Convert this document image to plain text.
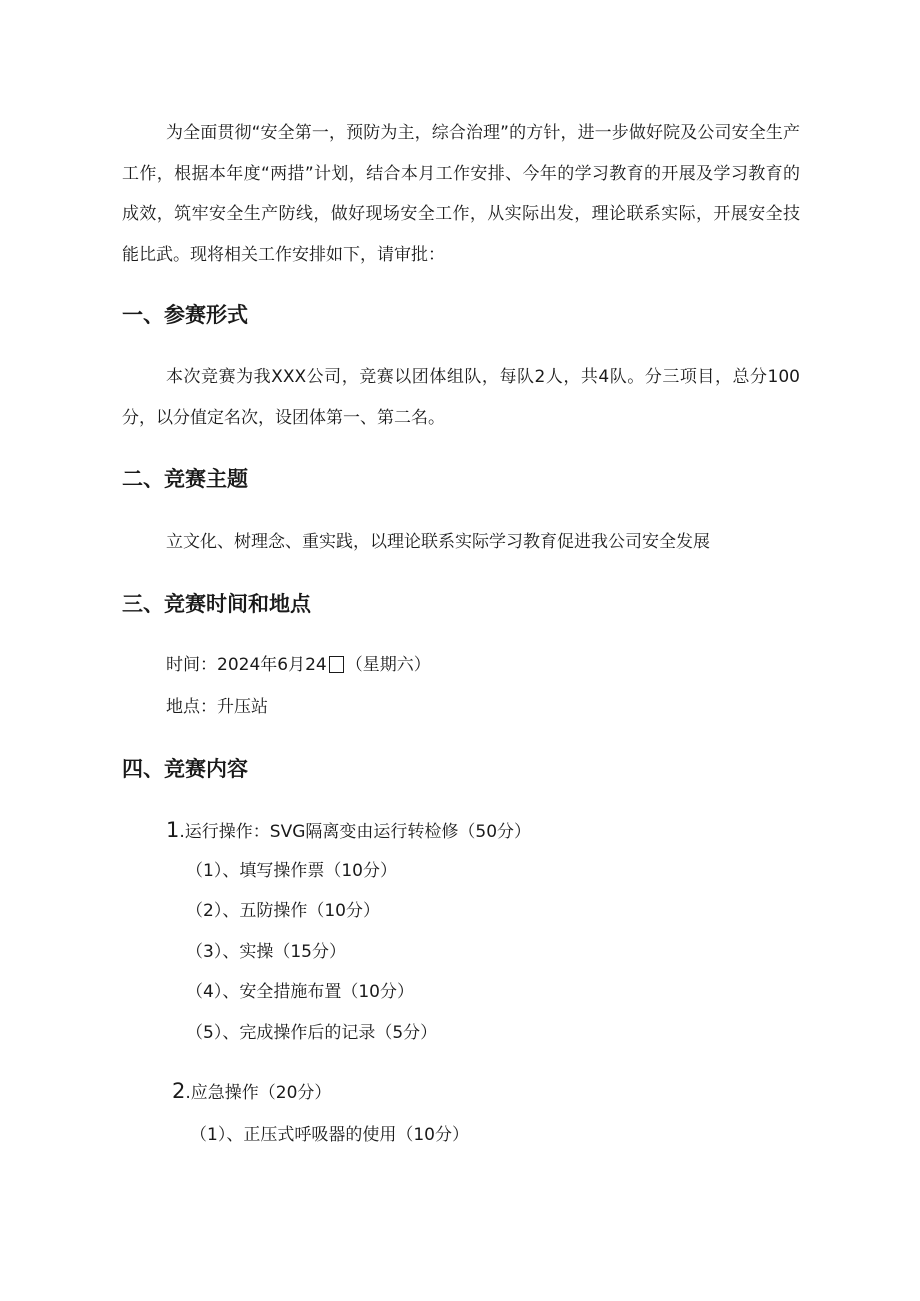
为全面贯彻“安全第一，预防为主，综合治理”的方针，进一步做好院及公司安全生产工作，根据本年度“两措”计划，结合本月工作安排、今年的学习教育的开展及学习教育的成效，筑牢安全生产防线，做好现场安全工作，从实际出发，理论联系实际，开展安全技能比武。现将相关工作安排如下，请审批：

一、参赛形式

本次竞赛为我XXX公司，竞赛以团体组队，每队2人，共4队。分三项目，总分100分，以分值定名次，设团体第一、第二名。

二、竞赛主题

立文化、树理念、重实践，以理论联系实际学习教育促进我公司安全发展

三、竞赛时间和地点

时间：2024年6月24 （星期六）

地点：升压站

四、竞赛内容

1.运行操作：SVG隔离变由运行转检修（50分）

（1）、填写操作票（10分）

（2）、五防操作（10分）

（3）、实操（15分）

（4）、安全措施布置（10分）

（5）、完成操作后的记录（5分）

2.应急操作（20分）

（1）、正压式呼吸器的使用（10分）
